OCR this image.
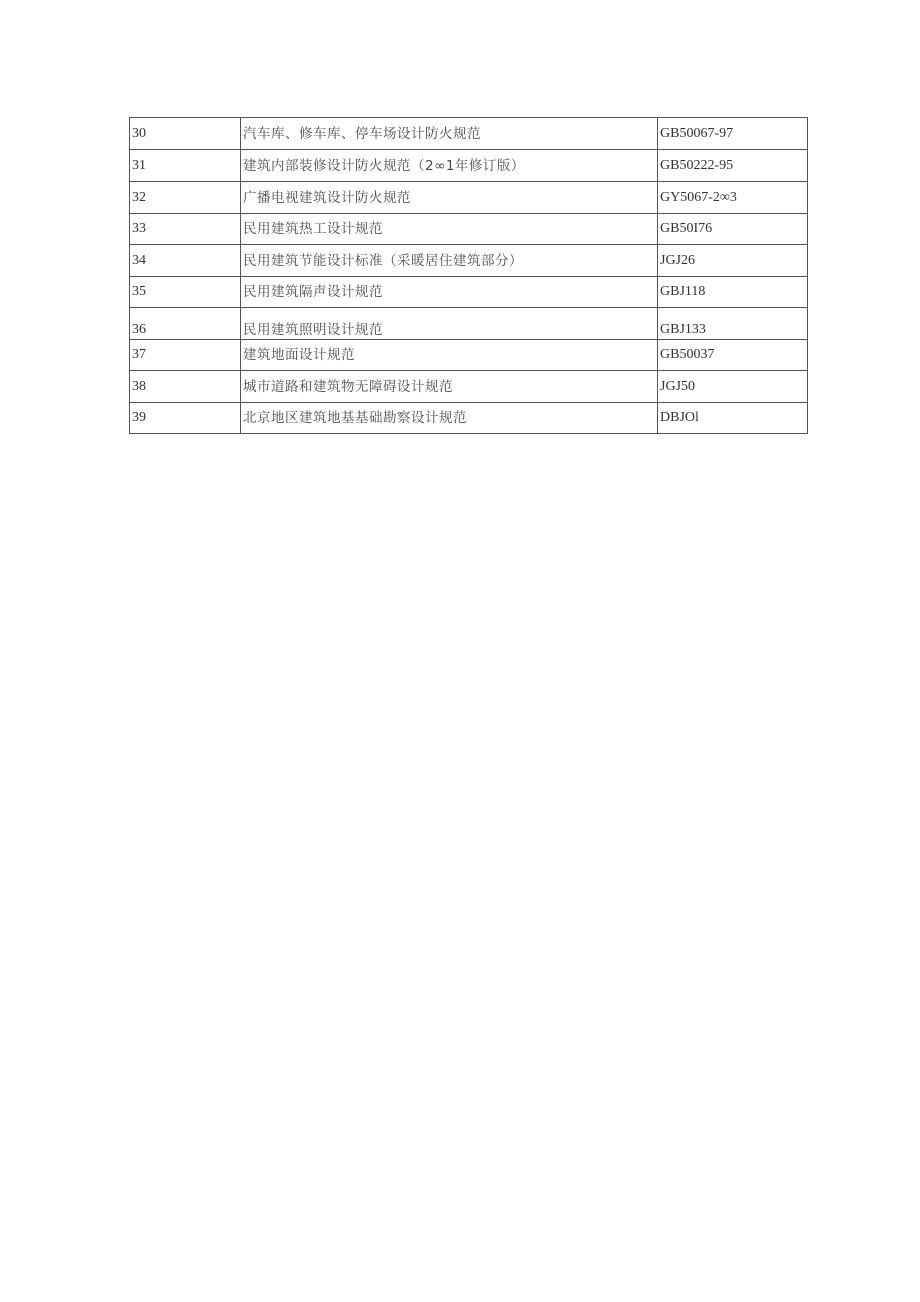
30	汽车库、修车库、停车场设计防火规范	GB50067-97
31	建筑内部装修设计防火规范（2∞1年修订版）	GB50222-95
32	广播电视建筑设计防火规范	GY5067-2∞3
33	民用建筑热工设计规范	GB50I76
34	民用建筑节能设计标准（采暖居住建筑部分）	JGJ26
35	民用建筑隔声设计规范	GBJ118
36	民用建筑照明设计规范	GBJ133
37	建筑地面设计规范	GB50037
38	城市道路和建筑物无障碍设计规范	JGJ50
39	北京地区建筑地基基础勘察设计规范	DBJOl
